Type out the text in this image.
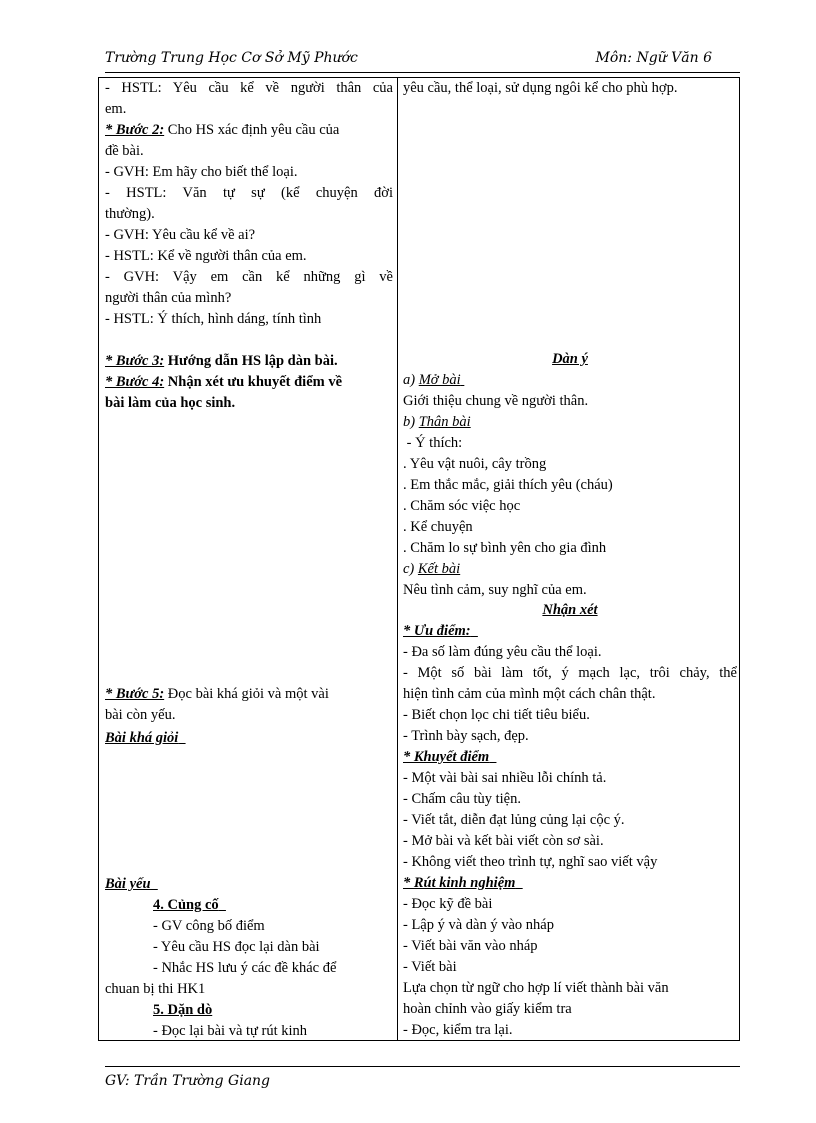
Trường Trung Học Cơ Sở Mỹ Phước	Môn: Ngữ Văn 6
- HSTL: Yêu cầu kể về người thân của
em.
* Bước 2: Cho HS xác định yêu cầu của
đề bài.
- GVH: Em hãy cho biết thể loại.
- HSTL: Văn tự sự (kể chuyện đời
thường).
- GVH: Yêu cầu kể về ai?
- HSTL: Kể về người thân của em.
- GVH: Vậy em cần kể những gì về
người thân của mình?
- HSTL: Ý thích, hình dáng, tính tình
* Bước 3: Hướng dẫn HS lập dàn bài.
* Bước 4: Nhận xét ưu khuyết điểm về
bài làm của học sinh.
* Bước 5: Đọc bài khá giỏi và một vài
bài còn yếu.
Bài khá giỏi
Bài yếu
4. Củng cố
- GV công bố điểm
- Yêu cầu HS đọc lại dàn bài
- Nhắc HS lưu ý các đề khác để
chuan bị thi HK1
5. Dặn dò
- Đọc lại bài và tự rút kinh
yêu cầu, thể loại, sử dụng ngôi kể cho phù hợp.
Dàn ý
a) Mở bài
Giới thiệu chung về người thân.
b) Thân bài
- Ý thích:
. Yêu vật nuôi, cây trồng
. Em thắc mắc, giải thích yêu (cháu)
. Chăm sóc việc học
. Kể chuyện
. Chăm lo sự bình yên cho gia đình
c) Kết bài
Nêu tình cảm, suy nghĩ của em.
Nhận xét
* Ưu điểm:
- Đa số làm đúng yêu cầu thể loại.
- Một số bài làm tốt, ý mạch lạc, trôi chảy, thể
hiện tình cảm của mình một cách chân thật.
- Biết chọn lọc chi tiết tiêu biểu.
- Trình bày sạch, đẹp.
* Khuyết điểm
- Một vài bài sai nhiều lỗi chính tả.
- Chấm câu tùy tiện.
- Viết tắt, diễn đạt lủng củng lại cộc ý.
- Mở bài và kết bài viết còn sơ sài.
- Không viết theo trình tự, nghĩ sao viết vậy
* Rút kinh nghiệm
- Đọc kỹ đề bài
- Lập ý và dàn ý vào nháp
- Viết bài văn vào nháp
- Viết bài
Lựa chọn từ ngữ cho hợp lí viết thành bài văn
hoàn chỉnh vào giấy kiểm tra
- Đọc, kiểm tra lại.
GV: Trần Trường Giang
